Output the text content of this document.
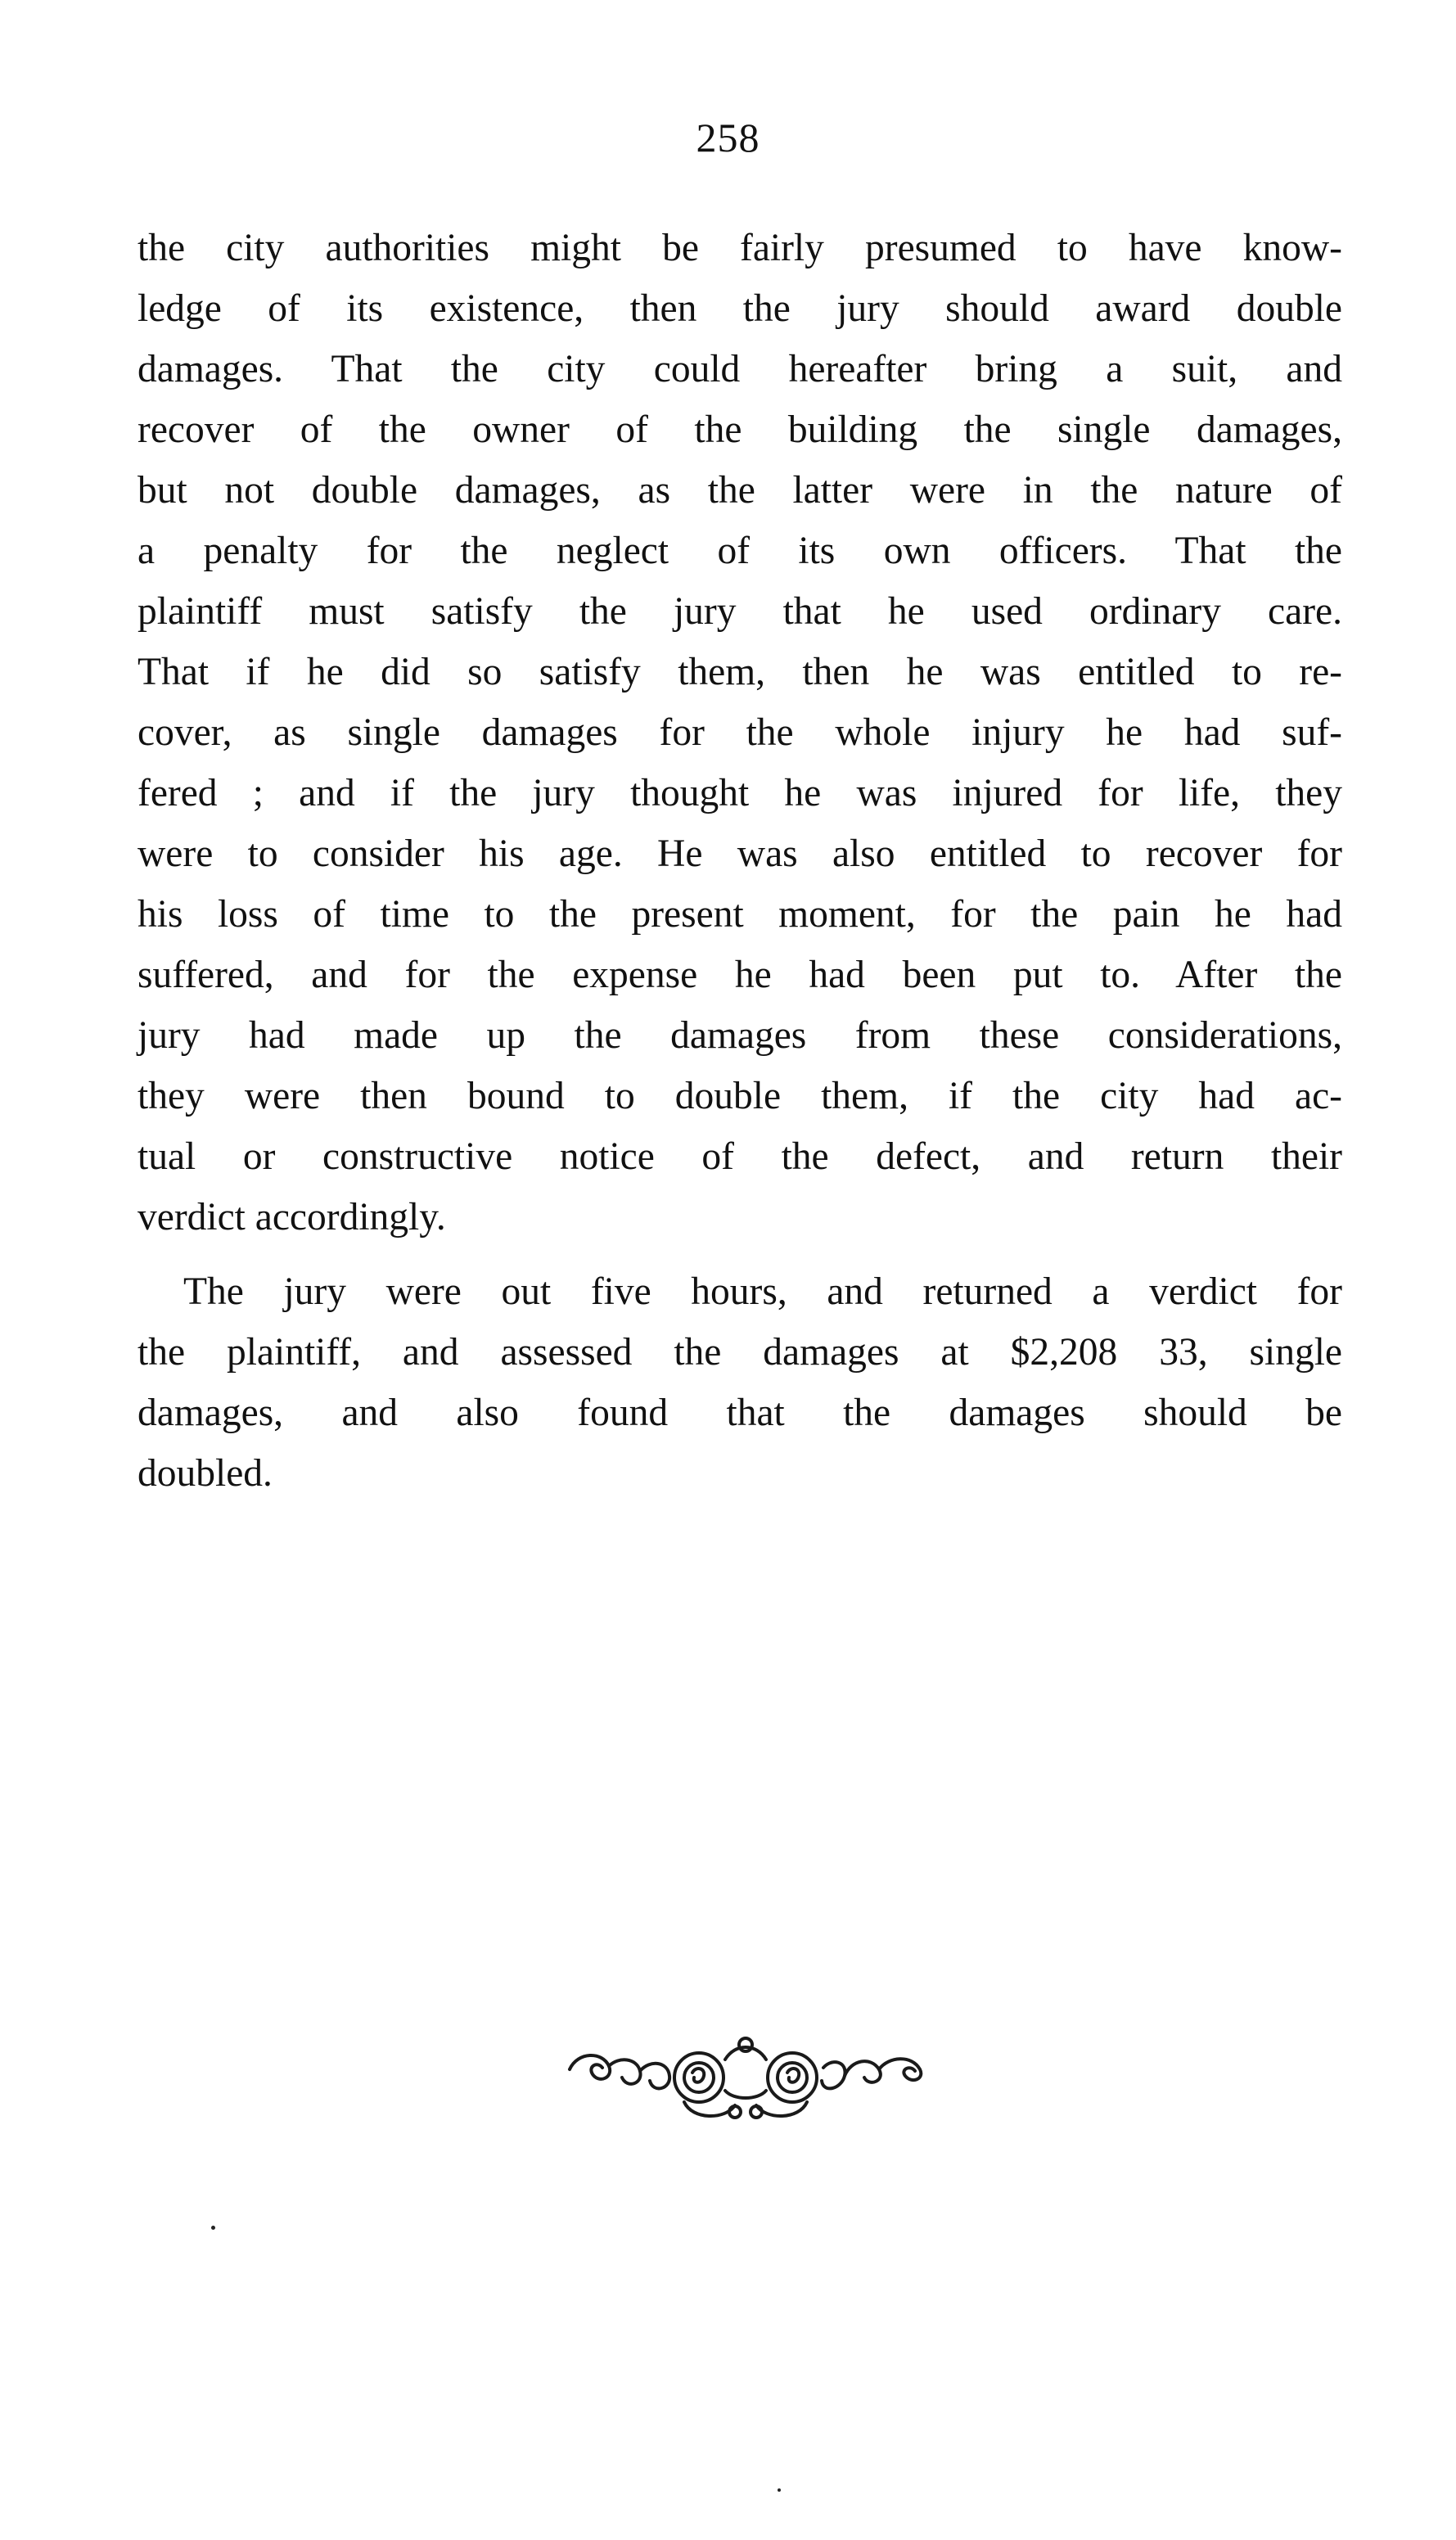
258
the city authorities might be fairly presumed to have know-
ledge of its existence, then the jury should award double
damages. That the city could hereafter bring a suit, and
recover of the owner of the building the single damages,
but not double damages, as the latter were in the nature of
a penalty for the neglect of its own officers. That the
plaintiff must satisfy the jury that he used ordinary care.
That if he did so satisfy them, then he was entitled to re-
cover, as single damages for the whole injury he had suf-
fered ; and if the jury thought he was injured for life, they
were to consider his age. He was also entitled to recover for
his loss of time to the present moment, for the pain he had
suffered, and for the expense he had been put to. After the
jury had made up the damages from these considerations,
they were then bound to double them, if the city had ac-
tual or constructive notice of the defect, and return their
verdict accordingly.
The jury were out five hours, and returned a verdict for
the plaintiff, and assessed the damages at $2,208 33, single
damages, and also found that the damages should be
doubled.
